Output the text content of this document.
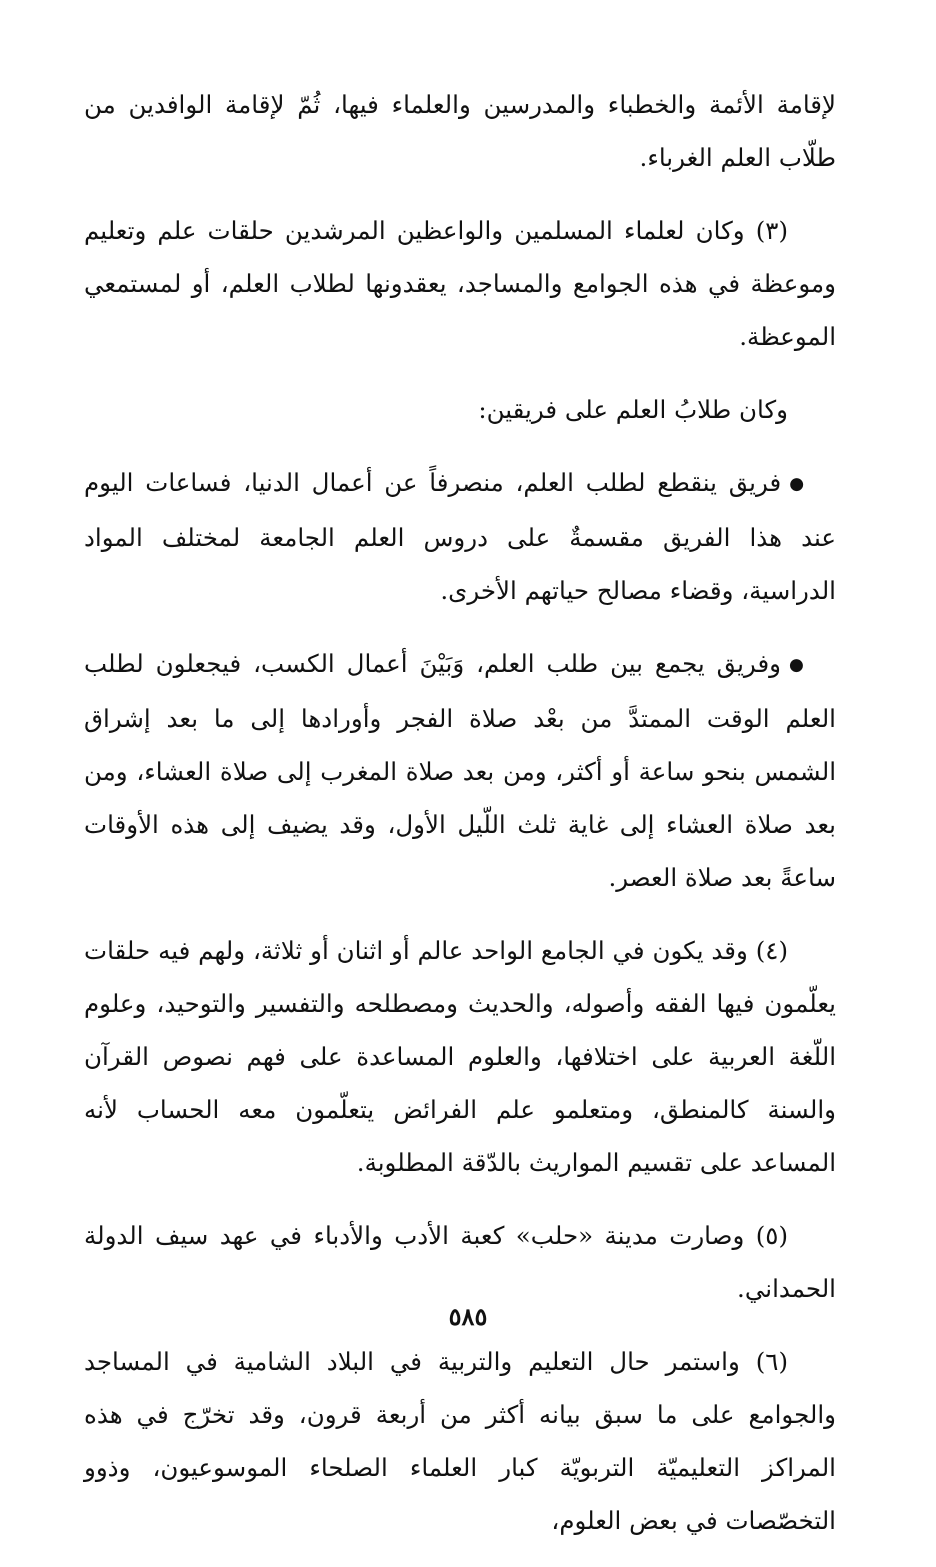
لإقامة الأئمة والخطباء والمدرسين والعلماء فيها، ثُمّ لإقامة الوافدين من طلّاب العلم الغرباء.

(٣) وكان لعلماء المسلمين والواعظين المرشدين حلقات علم وتعليم وموعظة في هذه الجوامع والمساجد، يعقدونها لطلاب العلم، أو لمستمعي الموعظة.

وكان طلابُ العلم على فريقين:

● فريق ينقطع لطلب العلم، منصرفاً عن أعمال الدنيا، فساعات اليوم عند هذا الفريق مقسمةٌ على دروس العلم الجامعة لمختلف المواد الدراسية، وقضاء مصالح حياتهم الأخرى.

● وفريق يجمع بين طلب العلم، وَبَيْنَ أعمال الكسب، فيجعلون لطلب العلم الوقت الممتدَّ من بعْد صلاة الفجر وأورادها إلى ما بعد إشراق الشمس بنحو ساعة أو أكثر، ومن بعد صلاة المغرب إلى صلاة العشاء، ومن بعد صلاة العشاء إلى غاية ثلث اللّيل الأول، وقد يضيف إلى هذه الأوقات ساعةً بعد صلاة العصر.

(٤) وقد يكون في الجامع الواحد عالم أو اثنان أو ثلاثة، ولهم فيه حلقات يعلّمون فيها الفقه وأصوله، والحديث ومصطلحه والتفسير والتوحيد، وعلوم اللّغة العربية على اختلافها، والعلوم المساعدة على فهم نصوص القرآن والسنة كالمنطق، ومتعلمو علم الفرائض يتعلّمون معه الحساب لأنه المساعد على تقسيم المواريث بالدّقة المطلوبة.

(٥) وصارت مدينة «حلب» كعبة الأدب والأدباء في عهد سيف الدولة الحمداني.

(٦) واستمر حال التعليم والتربية في البلاد الشامية في المساجد والجوامع على ما سبق بيانه أكثر من أربعة قرون، وقد تخرّج في هذه المراكز التعليميّة التربويّة كبار العلماء الصلحاء الموسوعيون، وذوو التخصّصات في بعض العلوم،

٥٨٥
